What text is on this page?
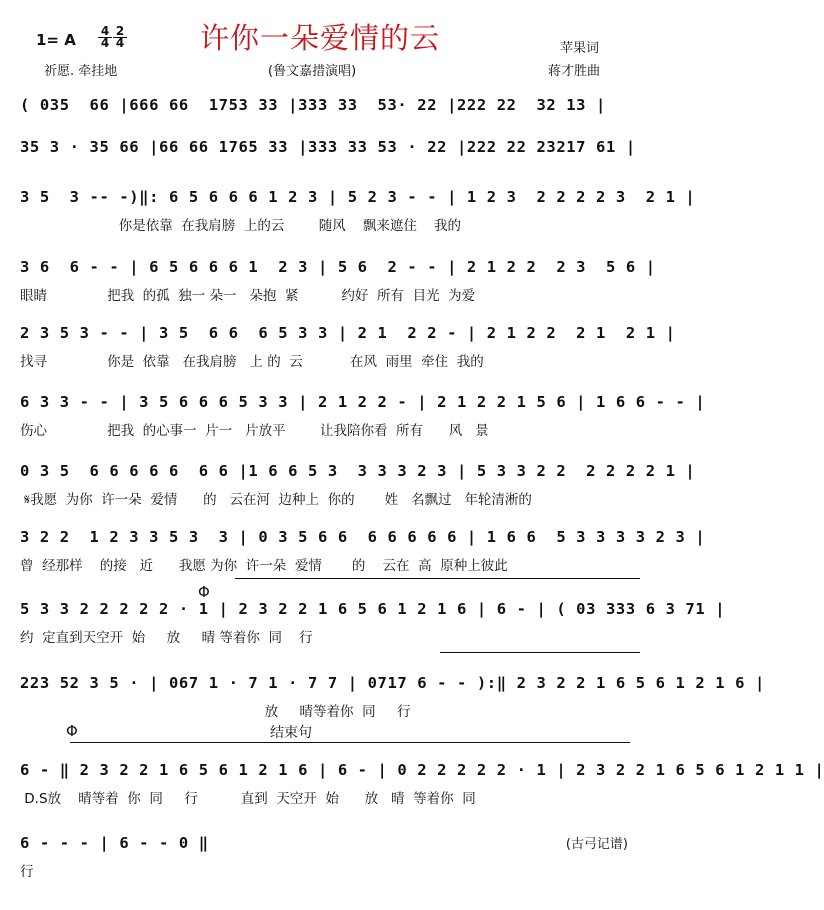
许你一朵爱情的云
1= A 4
4
2
4	苹果词
蒋才胜曲
(鲁文嘉措演唱)
祈愿. 牵挂地
( 035  66 |666 66  1753 33 |333 33  53· 22 |222 22  32 13 |
35 3 · 35 66 |66 66 1765 33 |333 33 53 · 22 |222 22 23217 61 |
3 5  3 -- -)‖: 6 5 6 6 6 1 2 3 | 5 2 3 - - | 1 2 3  2 2 2 2 3  2 1 |
你是依靠  在我肩膀  上的云        随风    飘来遮住    我的
3 6  6 - - | 6 5 6 6 6 1  2 3 | 5 6  2 - - | 2 1 2 2  2 3  5 6 |
眼睛              把我  的孤  独一 朵一   朵抱  紧          约好  所有  目光  为爱
2 3 5 3 - - | 3 5  6 6  6 5 3 3 | 2 1  2 2 - | 2 1 2 2  2 1  2 1 |
找寻              你是  依靠   在我肩膀   上 的  云           在风  雨里  牵住  我的
6 3 3 - - | 3 5 6 6 6 5 3 3 | 2 1 2 2 - | 2 1 2 2 1 5 6 | 1 6 6 - - |
伤心              把我  的心事一  片一   片放平        让我陪你看  所有      风   景
0 3 5  6 6 6 6 6  6 6 |1 6 6 5 3  3 3 3 2 3 | 5 3 3 2 2  2 2 2 2 1 |
𝄋我愿  为你  许一朵  爱情      的   云在河  边种上  你的       姓   名飘过   年轮清淅的
3 2 2  1 2 3 3 5 3  3 | 0 3 5 6 6  6 6 6 6 6 | 1 6 6  5 3 3 3 3 2 3 |
曾  经那样    的接   近      我愿 为你  许一朵  爱情       的    云在  高  原种上彼此
5 3 3 2 2 2 2 2 · 1 | 2 3 2 2 1 6 5 6 1 2 1 6 | 6 - | ( 03 333 6 3 71 |
约  定直到天空开  始     放     晴 等着你  同    行
223 52 3 5 · | 067 1 · 7 1 · 7 7 | 0717 6 - - ):‖ 2 3 2 2 1 6 5 6 1 2 1 6 |
放     晴等着你  同     行
Φ
Φ	结束句
6 - ‖ 2 3 2 2 1 6 5 6 1 2 1 6 | 6 - | 0 2 2 2 2 2 · 1 | 2 3 2 2 1 6 5 6 1 2 1 1 |
D.S放    晴等着  你  同     行          直到  天空开  始      放   晴  等着你  同
6 - - - | 6 - - 0 ‖
行
(古弓记谱)
